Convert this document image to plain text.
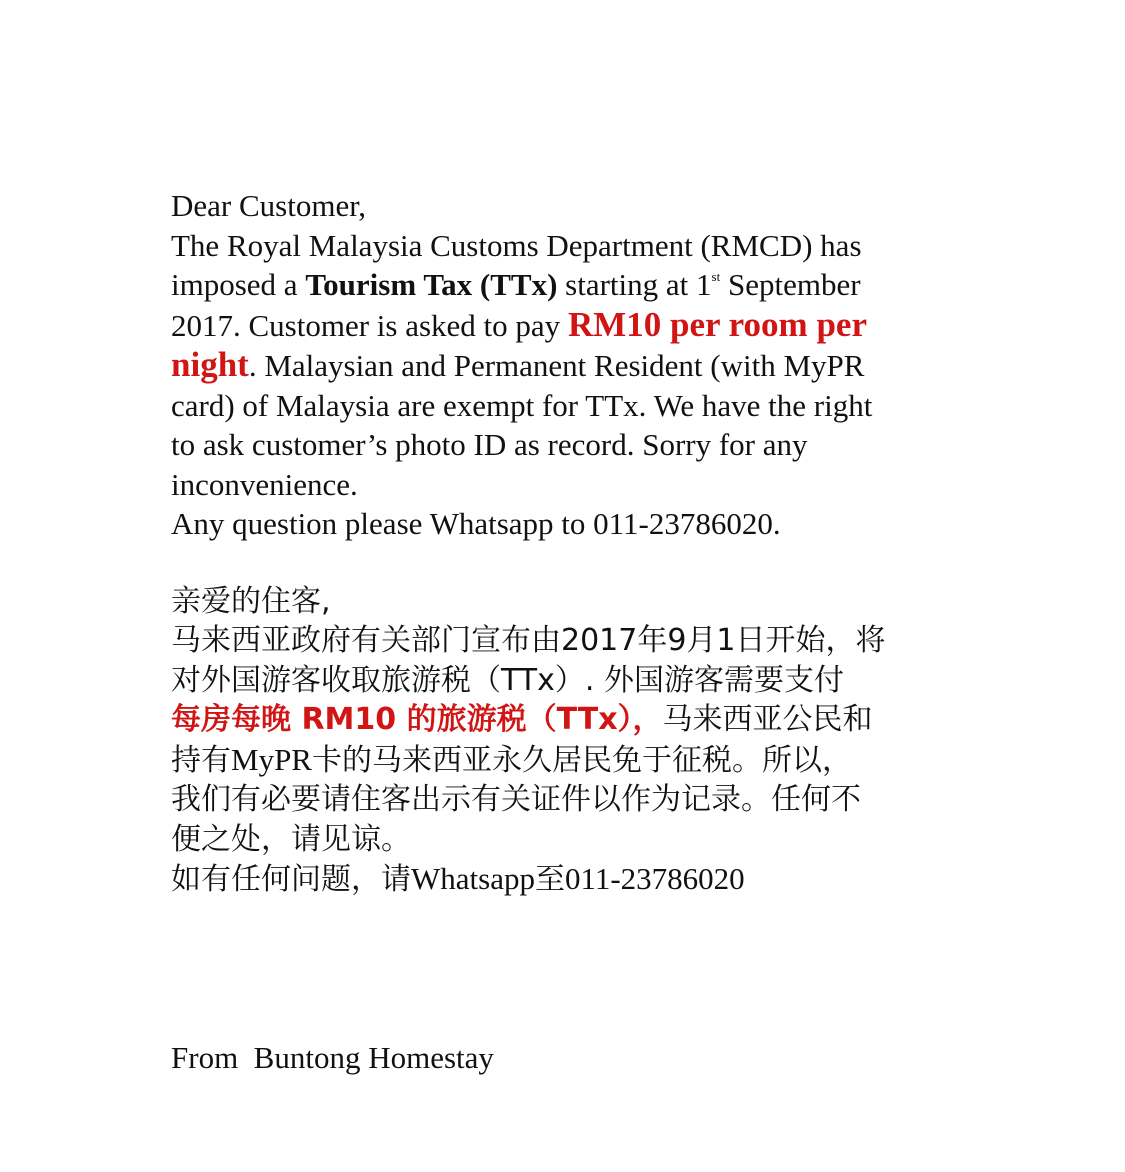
Dear Customer,
The Royal Malaysia Customs Department (RMCD) has
imposed a Tourism Tax (TTx) starting at 1st September
2017. Customer is asked to pay RM10 per room per
night. Malaysian and Permanent Resident (with MyPR
card) of Malaysia are exempt for TTx. We have the right
to ask customer’s photo ID as record. Sorry for any
inconvenience.
Any question please Whatsapp to 011-23786020.

亲爱的住客,
马来西亚政府有关部门宣布由2017年9月1日开始，将
对外国游客收取旅游税（TTx）. 外国游客需要支付
每房每晚 RM10 的旅游税（TTx），马来西亚公民和
持有MyPR卡的马来西亚永久居民免于征税。所以，
我们有必要请住客出示有关证件以作为记录。任何不
便之处，请见谅。
如有任何问题，请Whatsapp至011-23786020

From  Buntong Homestay
